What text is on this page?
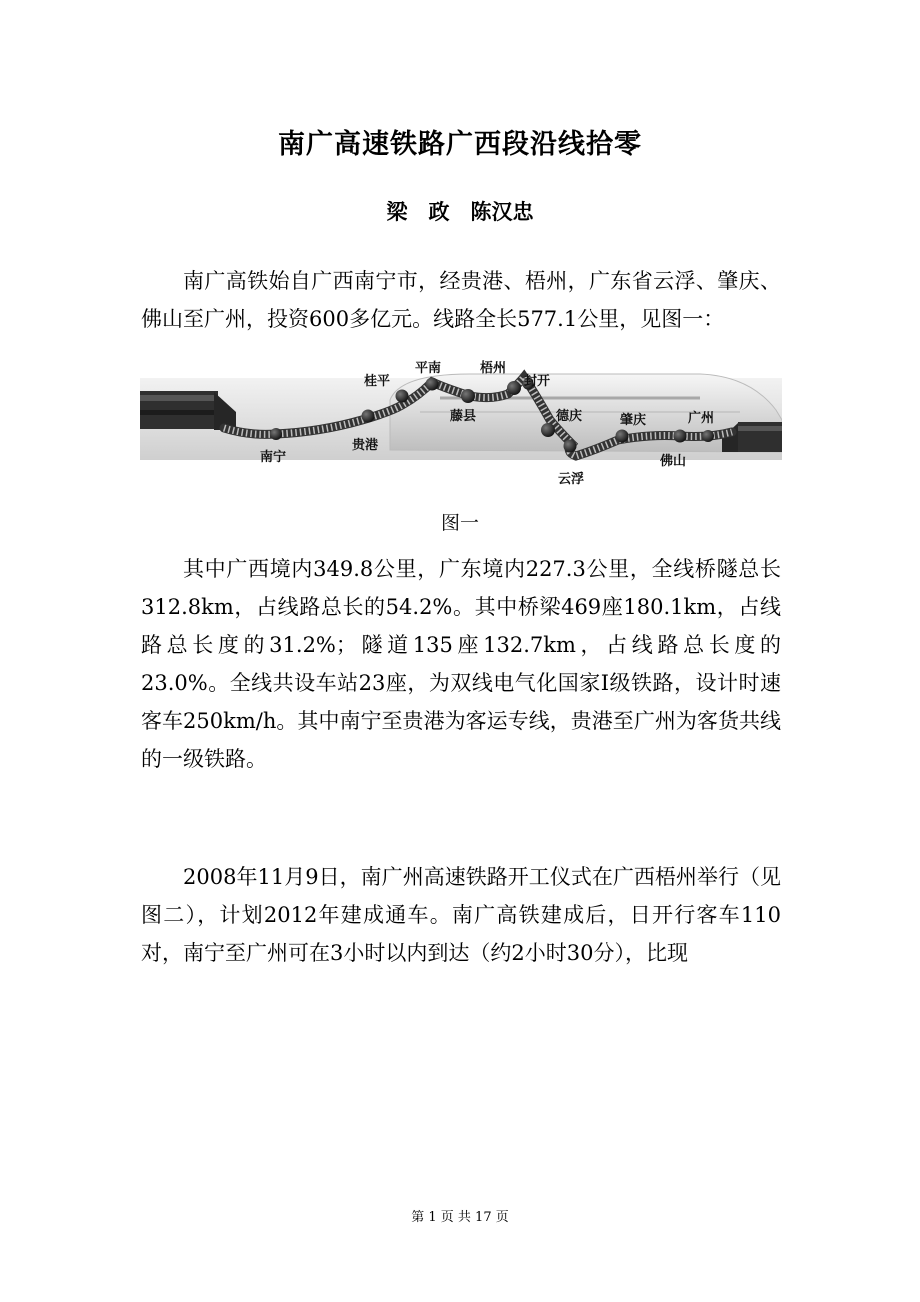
南广高速铁路广西段沿线拾零
梁　政　陈汉忠

南广高铁始自广西南宁市，经贵港、梧州，广东省云浮、肇庆、佛山至广州，投资600多亿元。线路全长577.1公里，见图一：

南宁
贵港
桂平
平南
藤县
梧州
封开
德庆
云浮
肇庆
佛山
广州
图一

其中广西境内349.8公里，广东境内227.3公里，全线桥隧总长312.8km，占线路总长的54.2%。其中桥梁469座180.1km，占线路总长度的31.2%；隧道135座132.7km，占线路总长度的23.0%。全线共设车站23座，为双线电气化国家Ⅰ级铁路，设计时速客车250km/h。其中南宁至贵港为客运专线，贵港至广州为客货共线的一级铁路。

2008年11月9日，南广州高速铁路开工仪式在广西梧州举行（见图二），计划2012年建成通车。南广高铁建成后，日开行客车110对，南宁至广州可在3小时以内到达（约2小时30分），比现

第 1 页 共 17 页
